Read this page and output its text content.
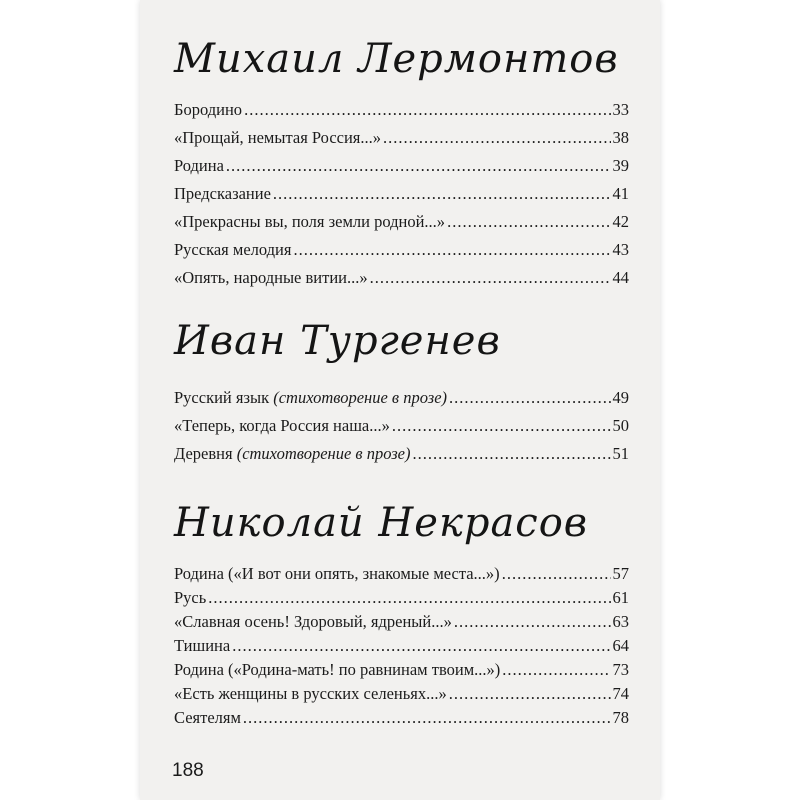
Михаил Лермонтов
Бородино .....	33
«Прощай, немытая Россия...» .....	38
Родина .....	39
Предсказание .....	41
«Прекрасны вы, поля земли родной...» .....	42
Русская мелодия .....	43
«Опять, народные витии...» .....	44
Иван Тургенев
Русский язык (стихотворение в прозе) .....	49
«Теперь, когда Россия наша...» .....	50
Деревня (стихотворение в прозе) .....	51
Николай Некрасов
Родина («И вот они опять, знакомые места...») .....	57
Русь .....	61
«Славная осень! Здоровый, ядреный...» .....	63
Тишина .....	64
Родина («Родина-мать! по равнинам твоим...») .....	73
«Есть женщины в русских селеньях...» .....	74
Сеятелям .....	78
188
